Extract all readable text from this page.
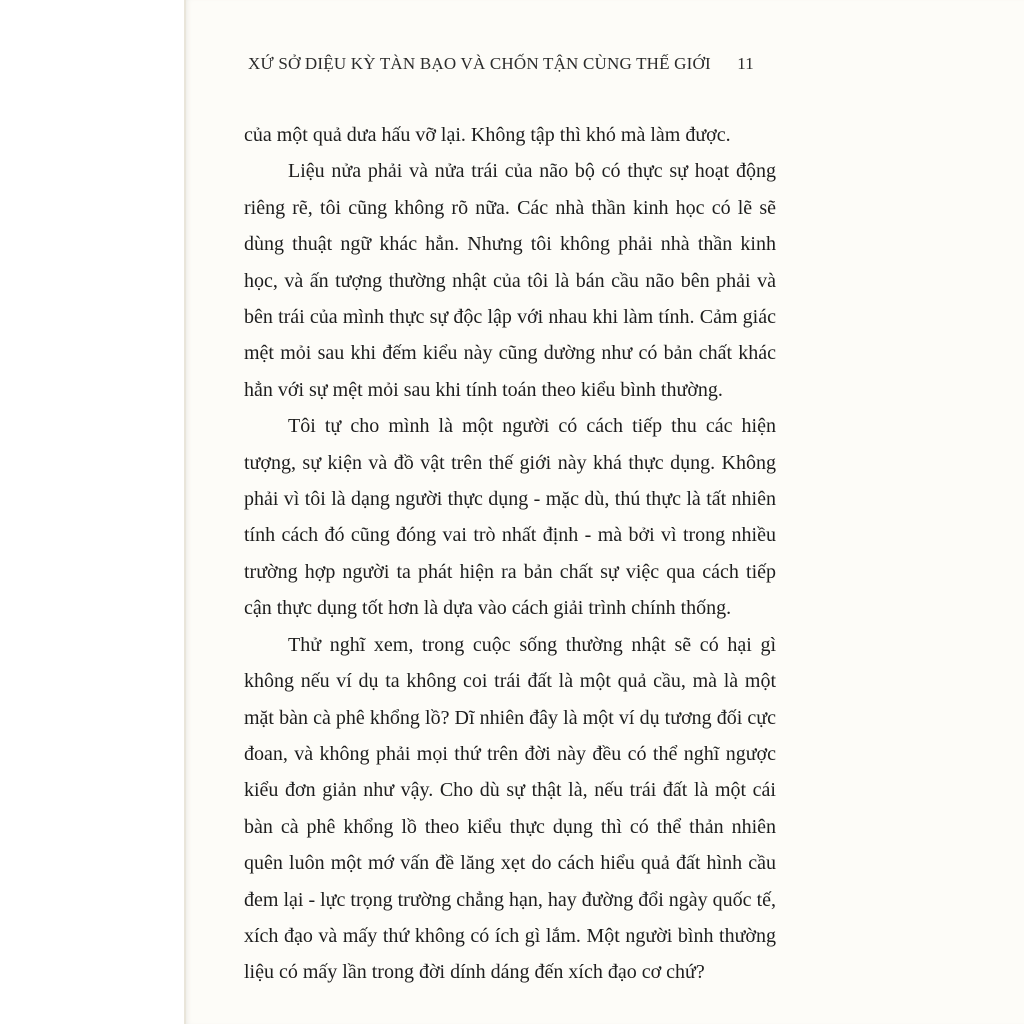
XỨ SỞ DIỆU KỲ TÀN BẠO VÀ CHỐN TẬN CÙNG THẾ GIỚI 11

của một quả dưa hấu vỡ lại. Không tập thì khó mà làm được.

Liệu nửa phải và nửa trái của não bộ có thực sự hoạt động riêng rẽ, tôi cũng không rõ nữa. Các nhà thần kinh học có lẽ sẽ dùng thuật ngữ khác hẳn. Nhưng tôi không phải nhà thần kinh học, và ấn tượng thường nhật của tôi là bán cầu não bên phải và bên trái của mình thực sự độc lập với nhau khi làm tính. Cảm giác mệt mỏi sau khi đếm kiểu này cũng dường như có bản chất khác hẳn với sự mệt mỏi sau khi tính toán theo kiểu bình thường.

Tôi tự cho mình là một người có cách tiếp thu các hiện tượng, sự kiện và đồ vật trên thế giới này khá thực dụng. Không phải vì tôi là dạng người thực dụng - mặc dù, thú thực là tất nhiên tính cách đó cũng đóng vai trò nhất định - mà bởi vì trong nhiều trường hợp người ta phát hiện ra bản chất sự việc qua cách tiếp cận thực dụng tốt hơn là dựa vào cách giải trình chính thống.

Thử nghĩ xem, trong cuộc sống thường nhật sẽ có hại gì không nếu ví dụ ta không coi trái đất là một quả cầu, mà là một mặt bàn cà phê khổng lồ? Dĩ nhiên đây là một ví dụ tương đối cực đoan, và không phải mọi thứ trên đời này đều có thể nghĩ ngược kiểu đơn giản như vậy. Cho dù sự thật là, nếu trái đất là một cái bàn cà phê khổng lồ theo kiểu thực dụng thì có thể thản nhiên quên luôn một mớ vấn đề lăng xẹt do cách hiểu quả đất hình cầu đem lại - lực trọng trường chẳng hạn, hay đường đổi ngày quốc tế, xích đạo và mấy thứ không có ích gì lắm. Một người bình thường liệu có mấy lần trong đời dính dáng đến xích đạo cơ chứ?
